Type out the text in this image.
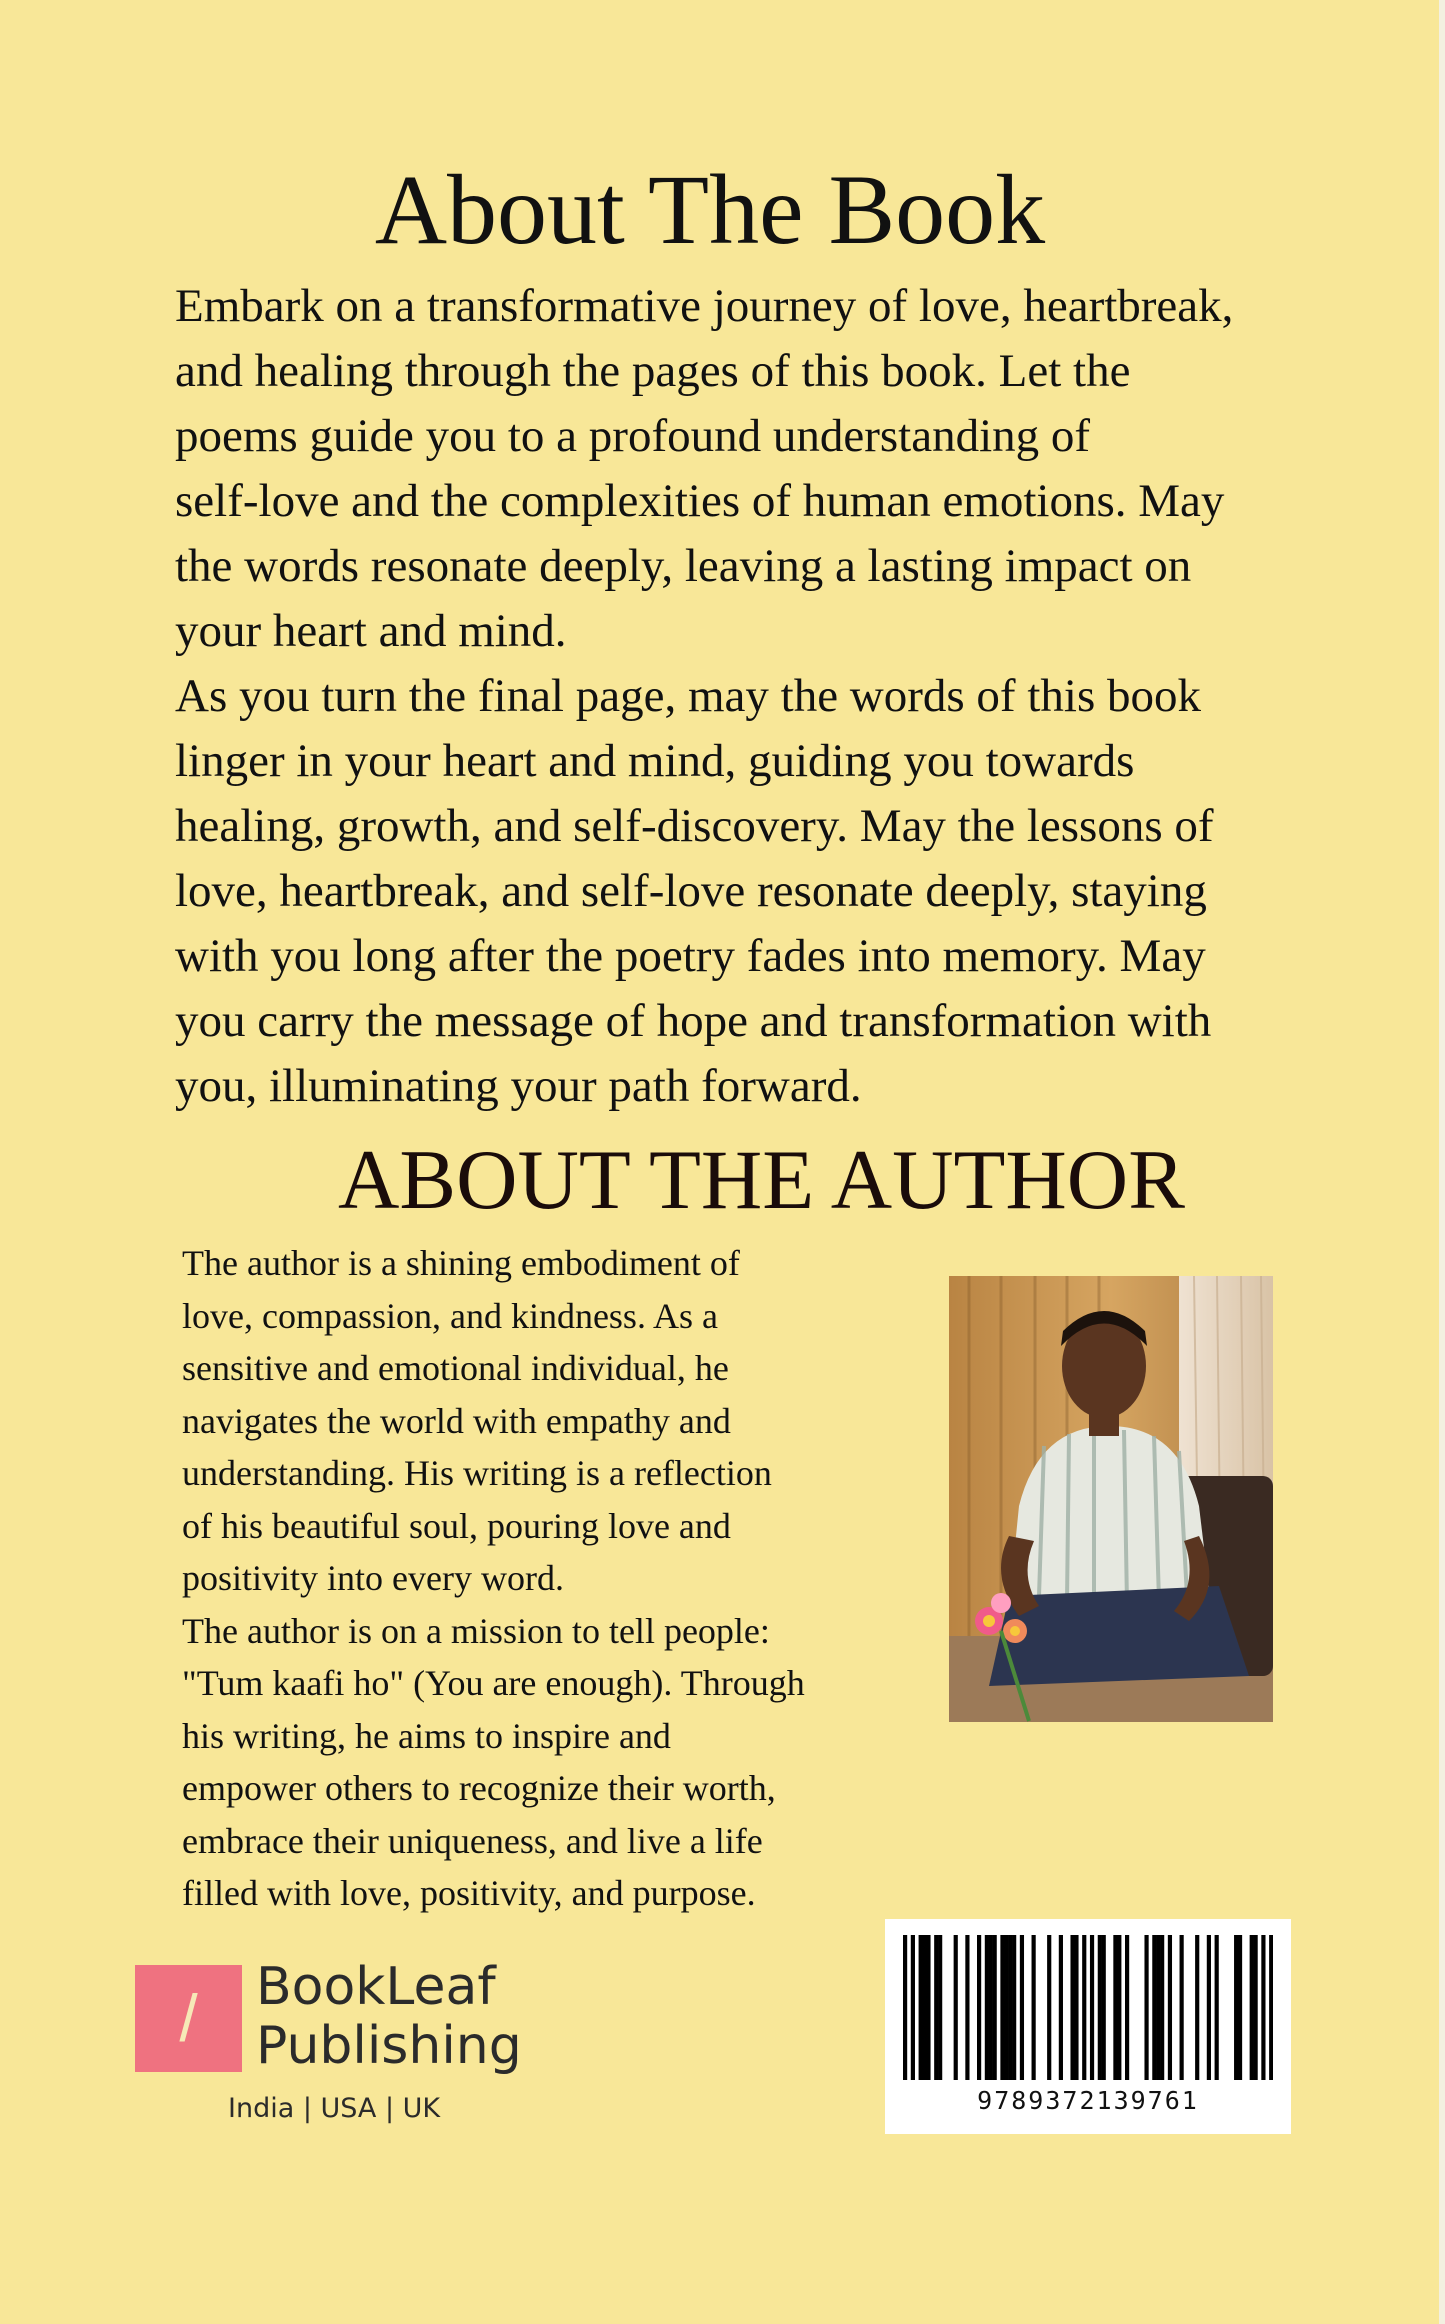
About The Book

Embark on a transformative journey of love, heartbreak,

and healing through the pages of this book. Let the

poems guide you to a profound understanding of

self-love and the complexities of human emotions. May

the words resonate deeply, leaving a lasting impact on

your heart and mind.

As you turn the final page, may the words of this book

linger in your heart and mind, guiding you towards

healing, growth, and self-discovery. May the lessons of

love, heartbreak, and self-love resonate deeply, staying

with you long after the poetry fades into memory. May

you carry the message of hope and transformation with

you, illuminating your path forward.

ABOUT THE AUTHOR

The author is a shining embodiment of

love, compassion, and kindness. As a

sensitive and emotional individual, he

navigates the world with empathy and

understanding. His writing is a reflection

of his beautiful soul, pouring love and

positivity into every word.

The author is on a mission to tell people:

"Tum kaafi ho" (You are enough). Through

his writing, he aims to inspire and

empower others to recognize their worth,

embrace their uniqueness, and live a life

filled with love, positivity, and purpose.

/	BookLeaf
Publishing
India | USA | UK	9789372139761
